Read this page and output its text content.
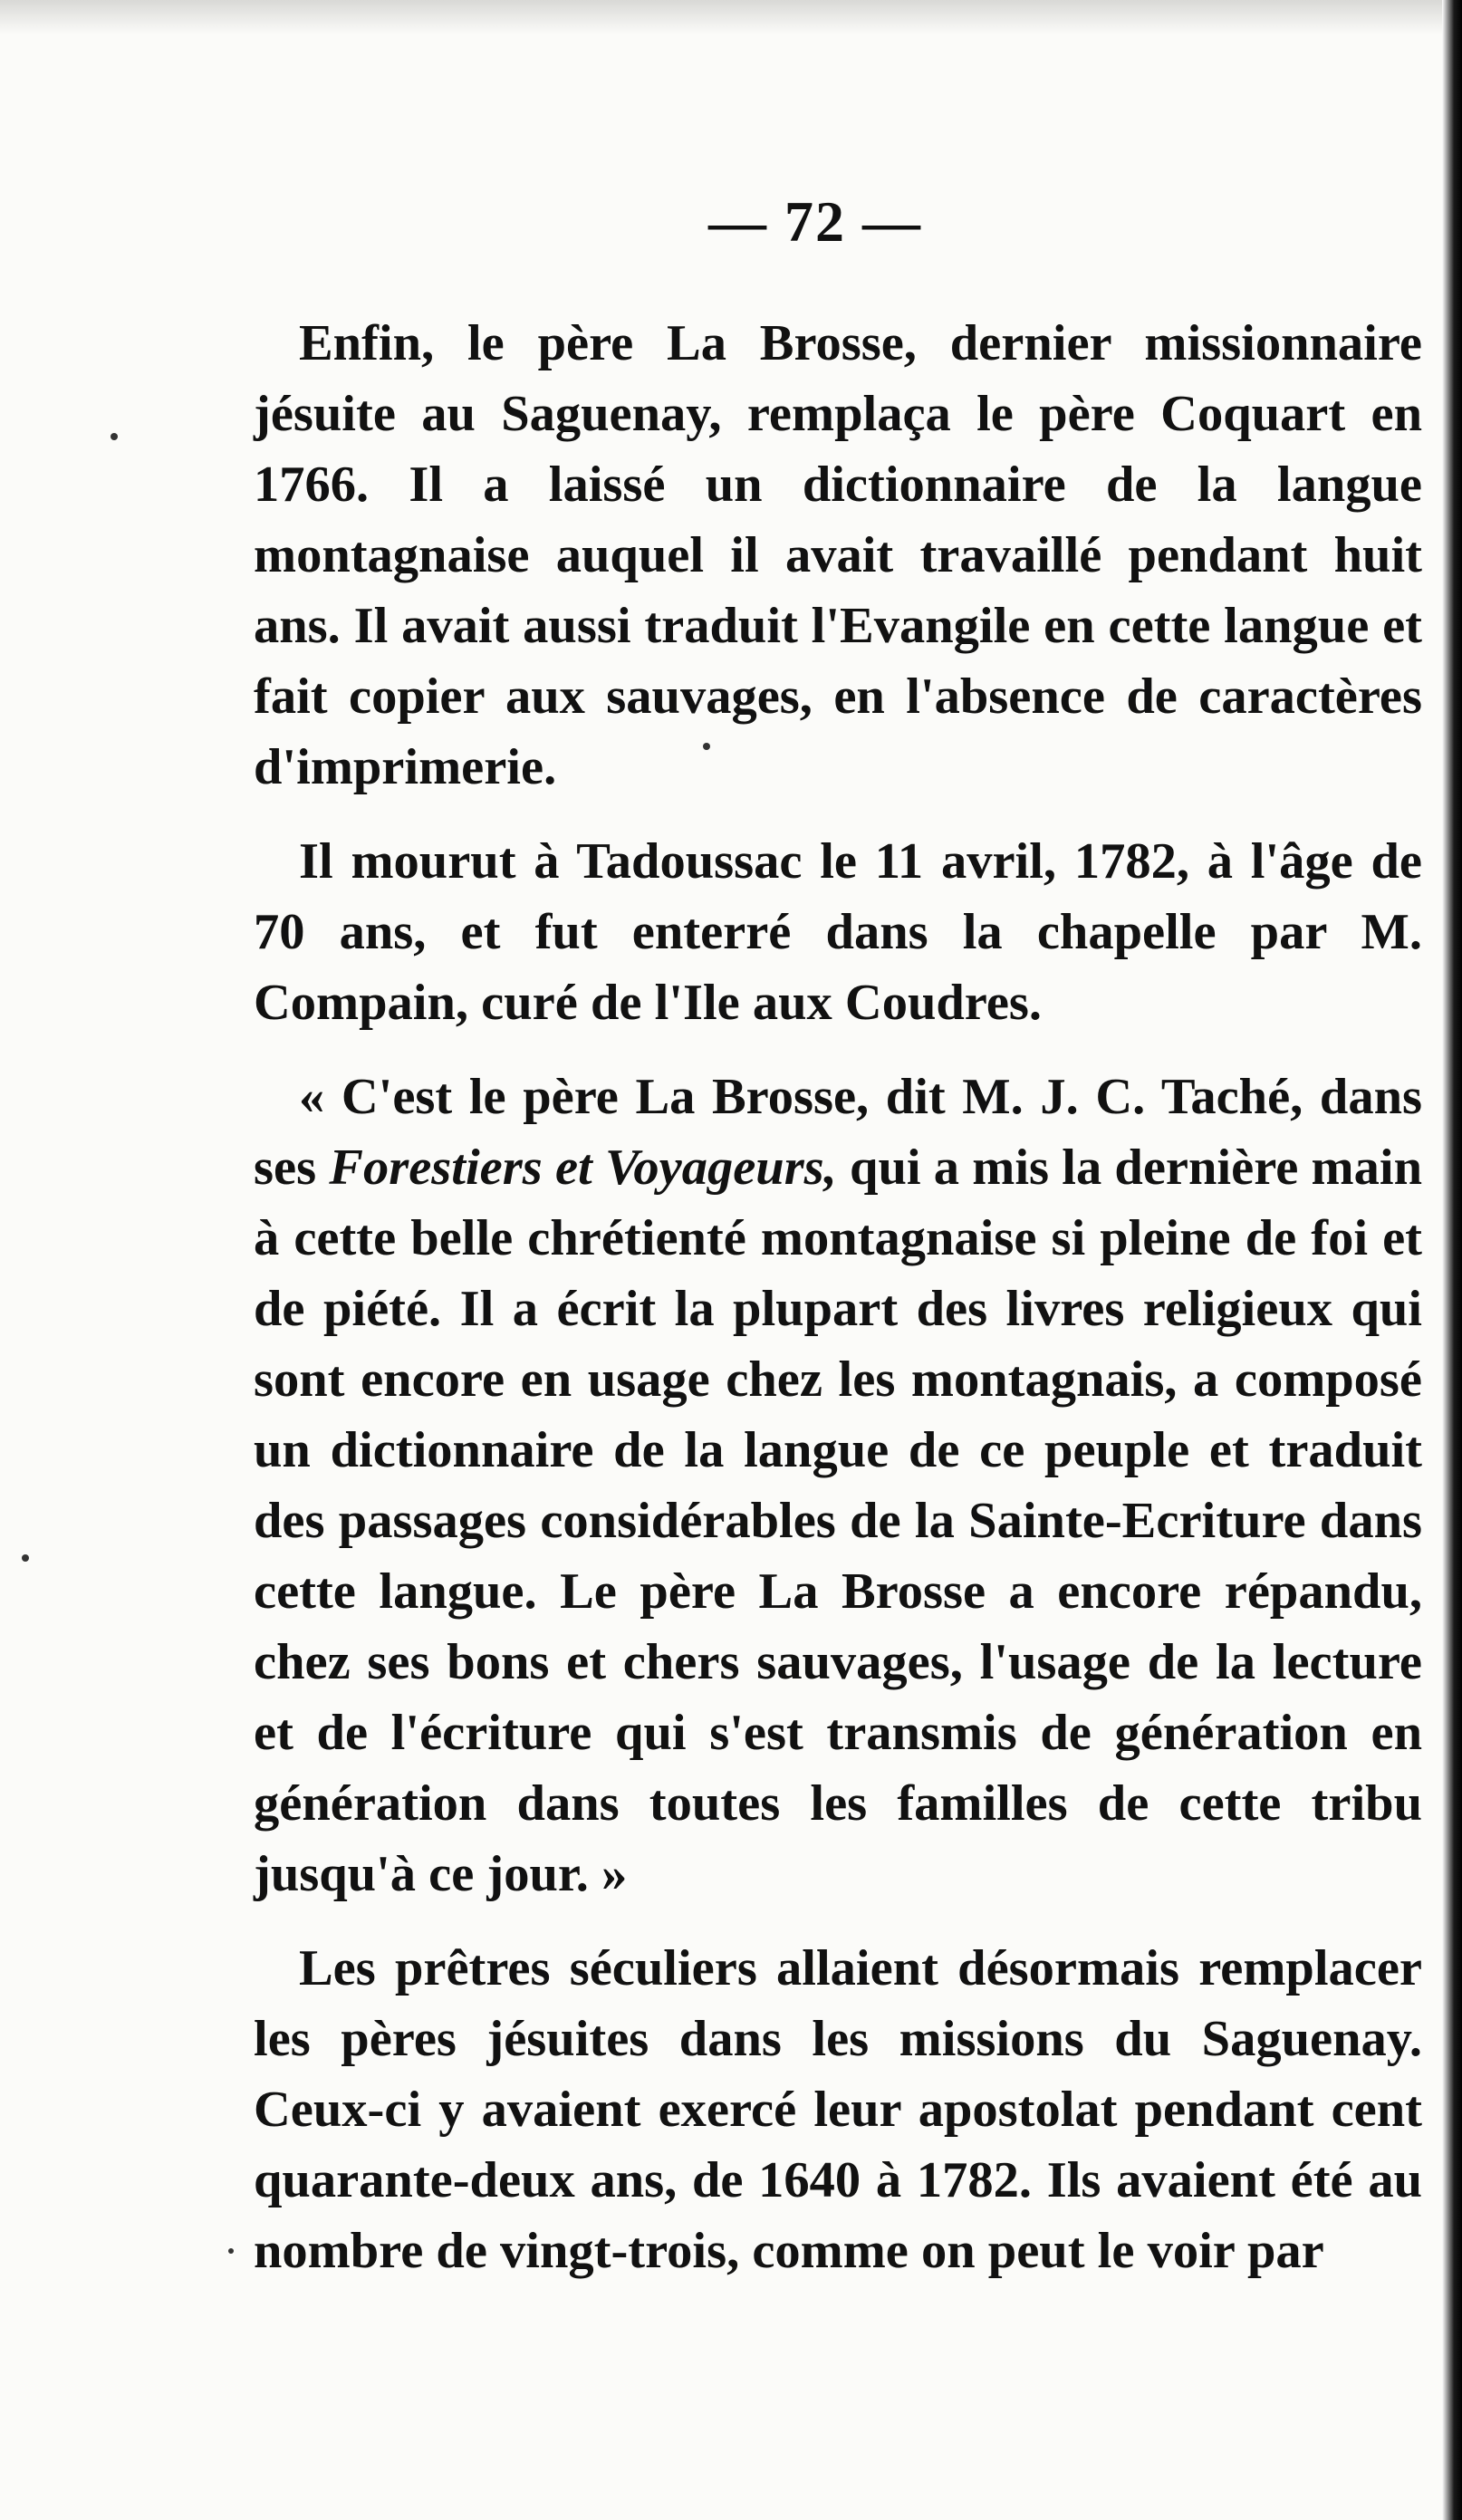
— 72 —

Enfin, le père La Brosse, dernier missionnaire jésuite au Saguenay, remplaça le père Coquart en 1766. Il a laissé un dictionnaire de la langue montagnaise auquel il avait travaillé pendant huit ans. Il avait aussi traduit l'Evangile en cette langue et fait copier aux sauvages, en l'absence de caractères d'imprimerie.

Il mourut à Tadoussac le 11 avril, 1782, à l'âge de 70 ans, et fut enterré dans la chapelle par M. Compain, curé de l'Ile aux Coudres.

« C'est le père La Brosse, dit M. J. C. Taché, dans ses Forestiers et Voyageurs, qui a mis la dernière main à cette belle chrétienté montagnaise si pleine de foi et de piété. Il a écrit la plupart des livres religieux qui sont encore en usage chez les montagnais, a composé un dictionnaire de la langue de ce peuple et traduit des passages considérables de la Sainte-Ecriture dans cette langue. Le père La Brosse a encore répandu, chez ses bons et chers sauvages, l'usage de la lecture et de l'écriture qui s'est transmis de génération en génération dans toutes les familles de cette tribu jusqu'à ce jour. »

Les prêtres séculiers allaient désormais remplacer les pères jésuites dans les missions du Saguenay. Ceux-ci y avaient exercé leur apostolat pendant cent quarante-deux ans, de 1640 à 1782. Ils avaient été au nombre de vingt-trois, comme on peut le voir par
